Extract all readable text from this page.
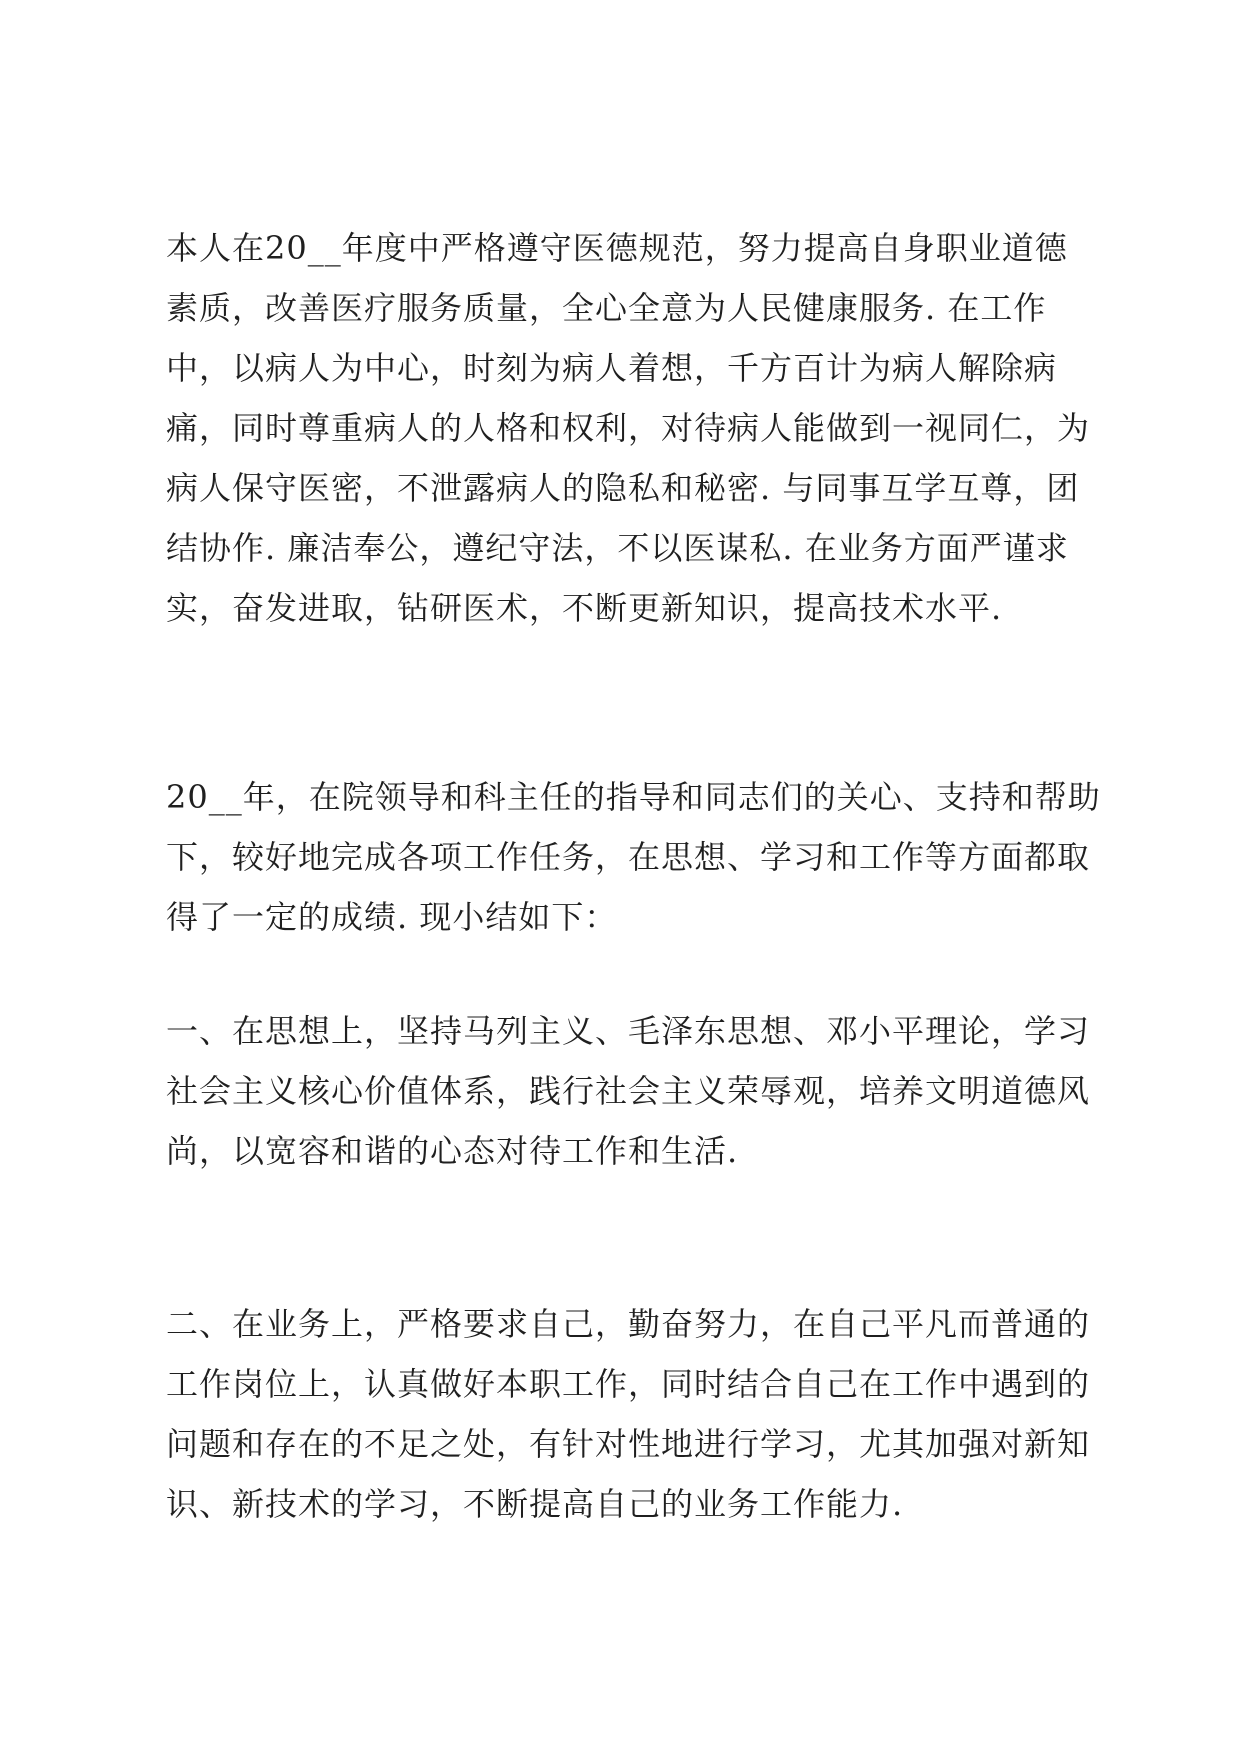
本人在20__年度中严格遵守医德规范，努力提高自身职业道德
素质，改善医疗服务质量，全心全意为人民健康服务. 在工作
中，以病人为中心，时刻为病人着想，千方百计为病人解除病
痛，同时尊重病人的人格和权利，对待病人能做到一视同仁，为
病人保守医密，不泄露病人的隐私和秘密. 与同事互学互尊，团
结协作. 廉洁奉公，遵纪守法，不以医谋私. 在业务方面严谨求
实，奋发进取，钻研医术，不断更新知识，提高技术水平.
20__年，在院领导和科主任的指导和同志们的关心、支持和帮助
下，较好地完成各项工作任务，在思想、学习和工作等方面都取
得了一定的成绩. 现小结如下：
一、在思想上，坚持马列主义、毛泽东思想、邓小平理论，学习
社会主义核心价值体系，践行社会主义荣辱观，培养文明道德风
尚，以宽容和谐的心态对待工作和生活.
二、在业务上，严格要求自己，勤奋努力，在自己平凡而普通的
工作岗位上，认真做好本职工作，同时结合自己在工作中遇到的
问题和存在的不足之处，有针对性地进行学习，尤其加强对新知
识、新技术的学习，不断提高自己的业务工作能力.
